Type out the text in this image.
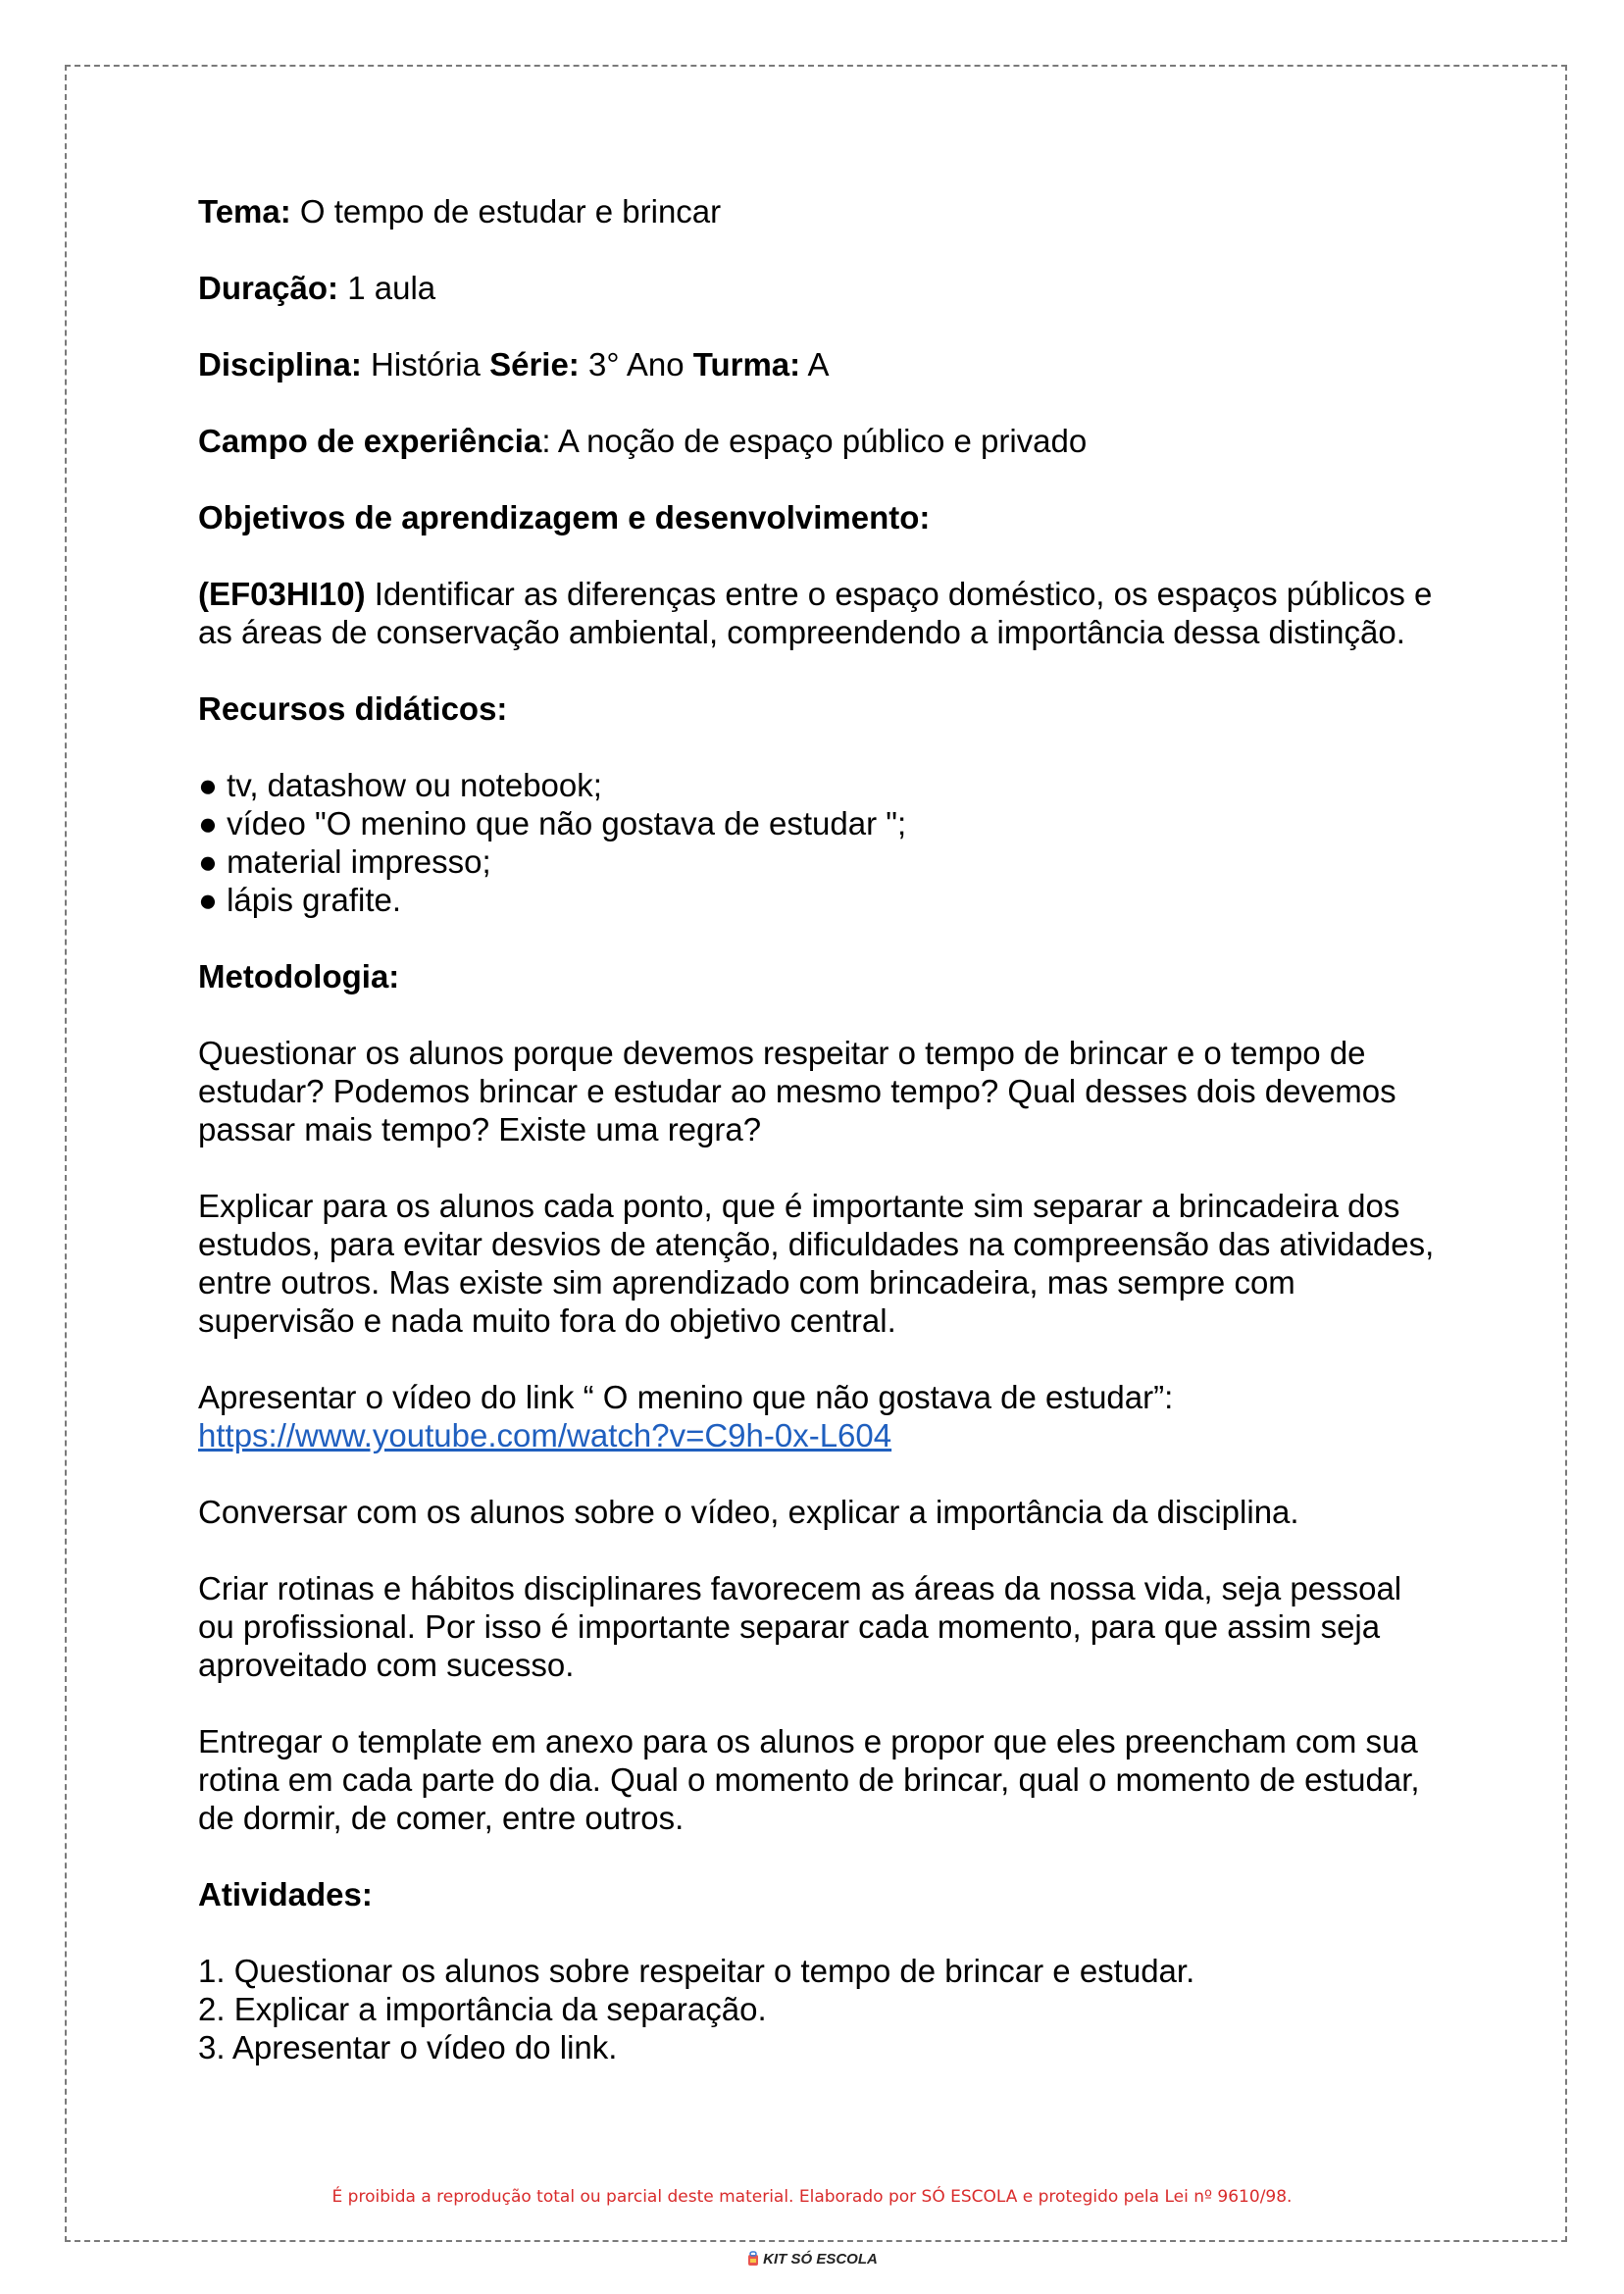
Tema: O tempo de estudar e brincar

Duração: 1 aula

Disciplina: História Série: 3° Ano Turma: A

Campo de experiência: A noção de espaço público e privado

Objetivos de aprendizagem e desenvolvimento:

(EF03HI10) Identificar as diferenças entre o espaço doméstico, os espaços públicos e as áreas de conservação ambiental, compreendendo a importância dessa distinção.

Recursos didáticos:

● tv, datashow ou notebook;
● vídeo "O menino que não gostava de estudar ";
● material impresso;
● lápis grafite.

Metodologia:

Questionar os alunos porque devemos respeitar o tempo de brincar e o tempo de estudar? Podemos brincar e estudar ao mesmo tempo? Qual desses dois devemos passar mais tempo? Existe uma regra?

Explicar para os alunos cada ponto, que é importante sim separar a brincadeira dos estudos, para evitar desvios de atenção, dificuldades na compreensão das atividades, entre outros. Mas existe sim aprendizado com brincadeira, mas sempre com supervisão e nada muito fora do objetivo central.

Apresentar o vídeo do link “ O menino que não gostava de estudar”:
https://www.youtube.com/watch?v=C9h-0x-L604

Conversar com os alunos sobre o vídeo, explicar a importância da disciplina.

Criar rotinas e hábitos disciplinares favorecem as áreas da nossa vida, seja pessoal ou profissional. Por isso é importante separar cada momento, para que assim seja aproveitado com sucesso.

Entregar o template em anexo para os alunos e propor que eles preencham com sua rotina em cada parte do dia. Qual o momento de brincar, qual o momento de estudar, de dormir, de comer, entre outros.

Atividades:

1. Questionar os alunos sobre respeitar o tempo de brincar e estudar.
2. Explicar a importância da separação.
3. Apresentar o vídeo do link.
É proibida a reprodução total ou parcial deste material. Elaborado por SÓ ESCOLA e protegido pela Lei nº 9610/98.
KIT SÓ ESCOLA
